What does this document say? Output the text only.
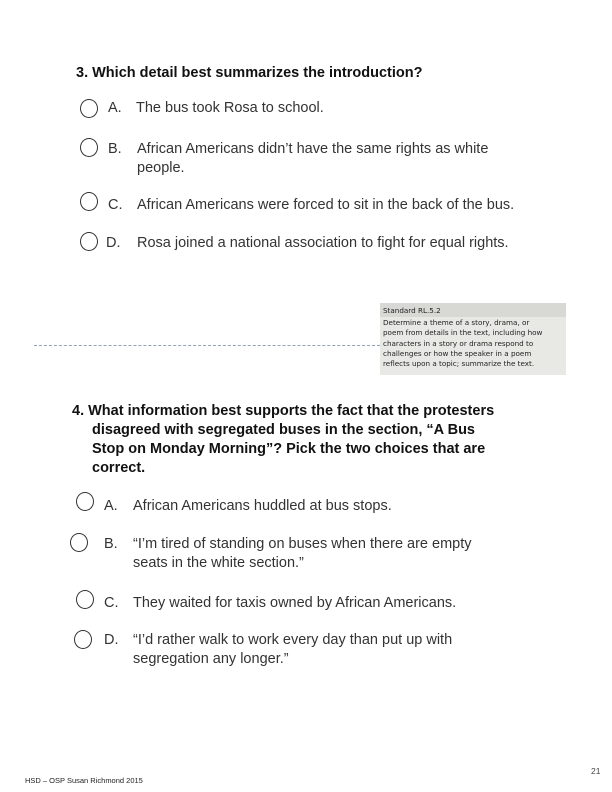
3. Which detail best summarizes the introduction?
A. The bus took Rosa to school.
B. African Americans didn’t have the same rights as white
people.
C. African Americans were forced to sit in the back of the bus.
D. Rosa joined a national association to fight for equal rights.
Standard RL.5.2
Determine a theme of a story, drama, or
poem from details in the text, including how
characters in a story or drama respond to
challenges or how the speaker in a poem
reflects upon a topic; summarize the text.
4. What information best supports the fact that the protesters
disagreed with segregated buses in the section, “A Bus
Stop on Monday Morning”? Pick the two choices that are
correct.
A. African Americans huddled at bus stops.
B. “I’m tired of standing on buses when there are empty
seats in the white section.”
C. They waited for taxis owned by African Americans.
D. “I’d rather walk to work every day than put up with
segregation any longer.”
HSD – OSP Susan Richmond 2015
21
